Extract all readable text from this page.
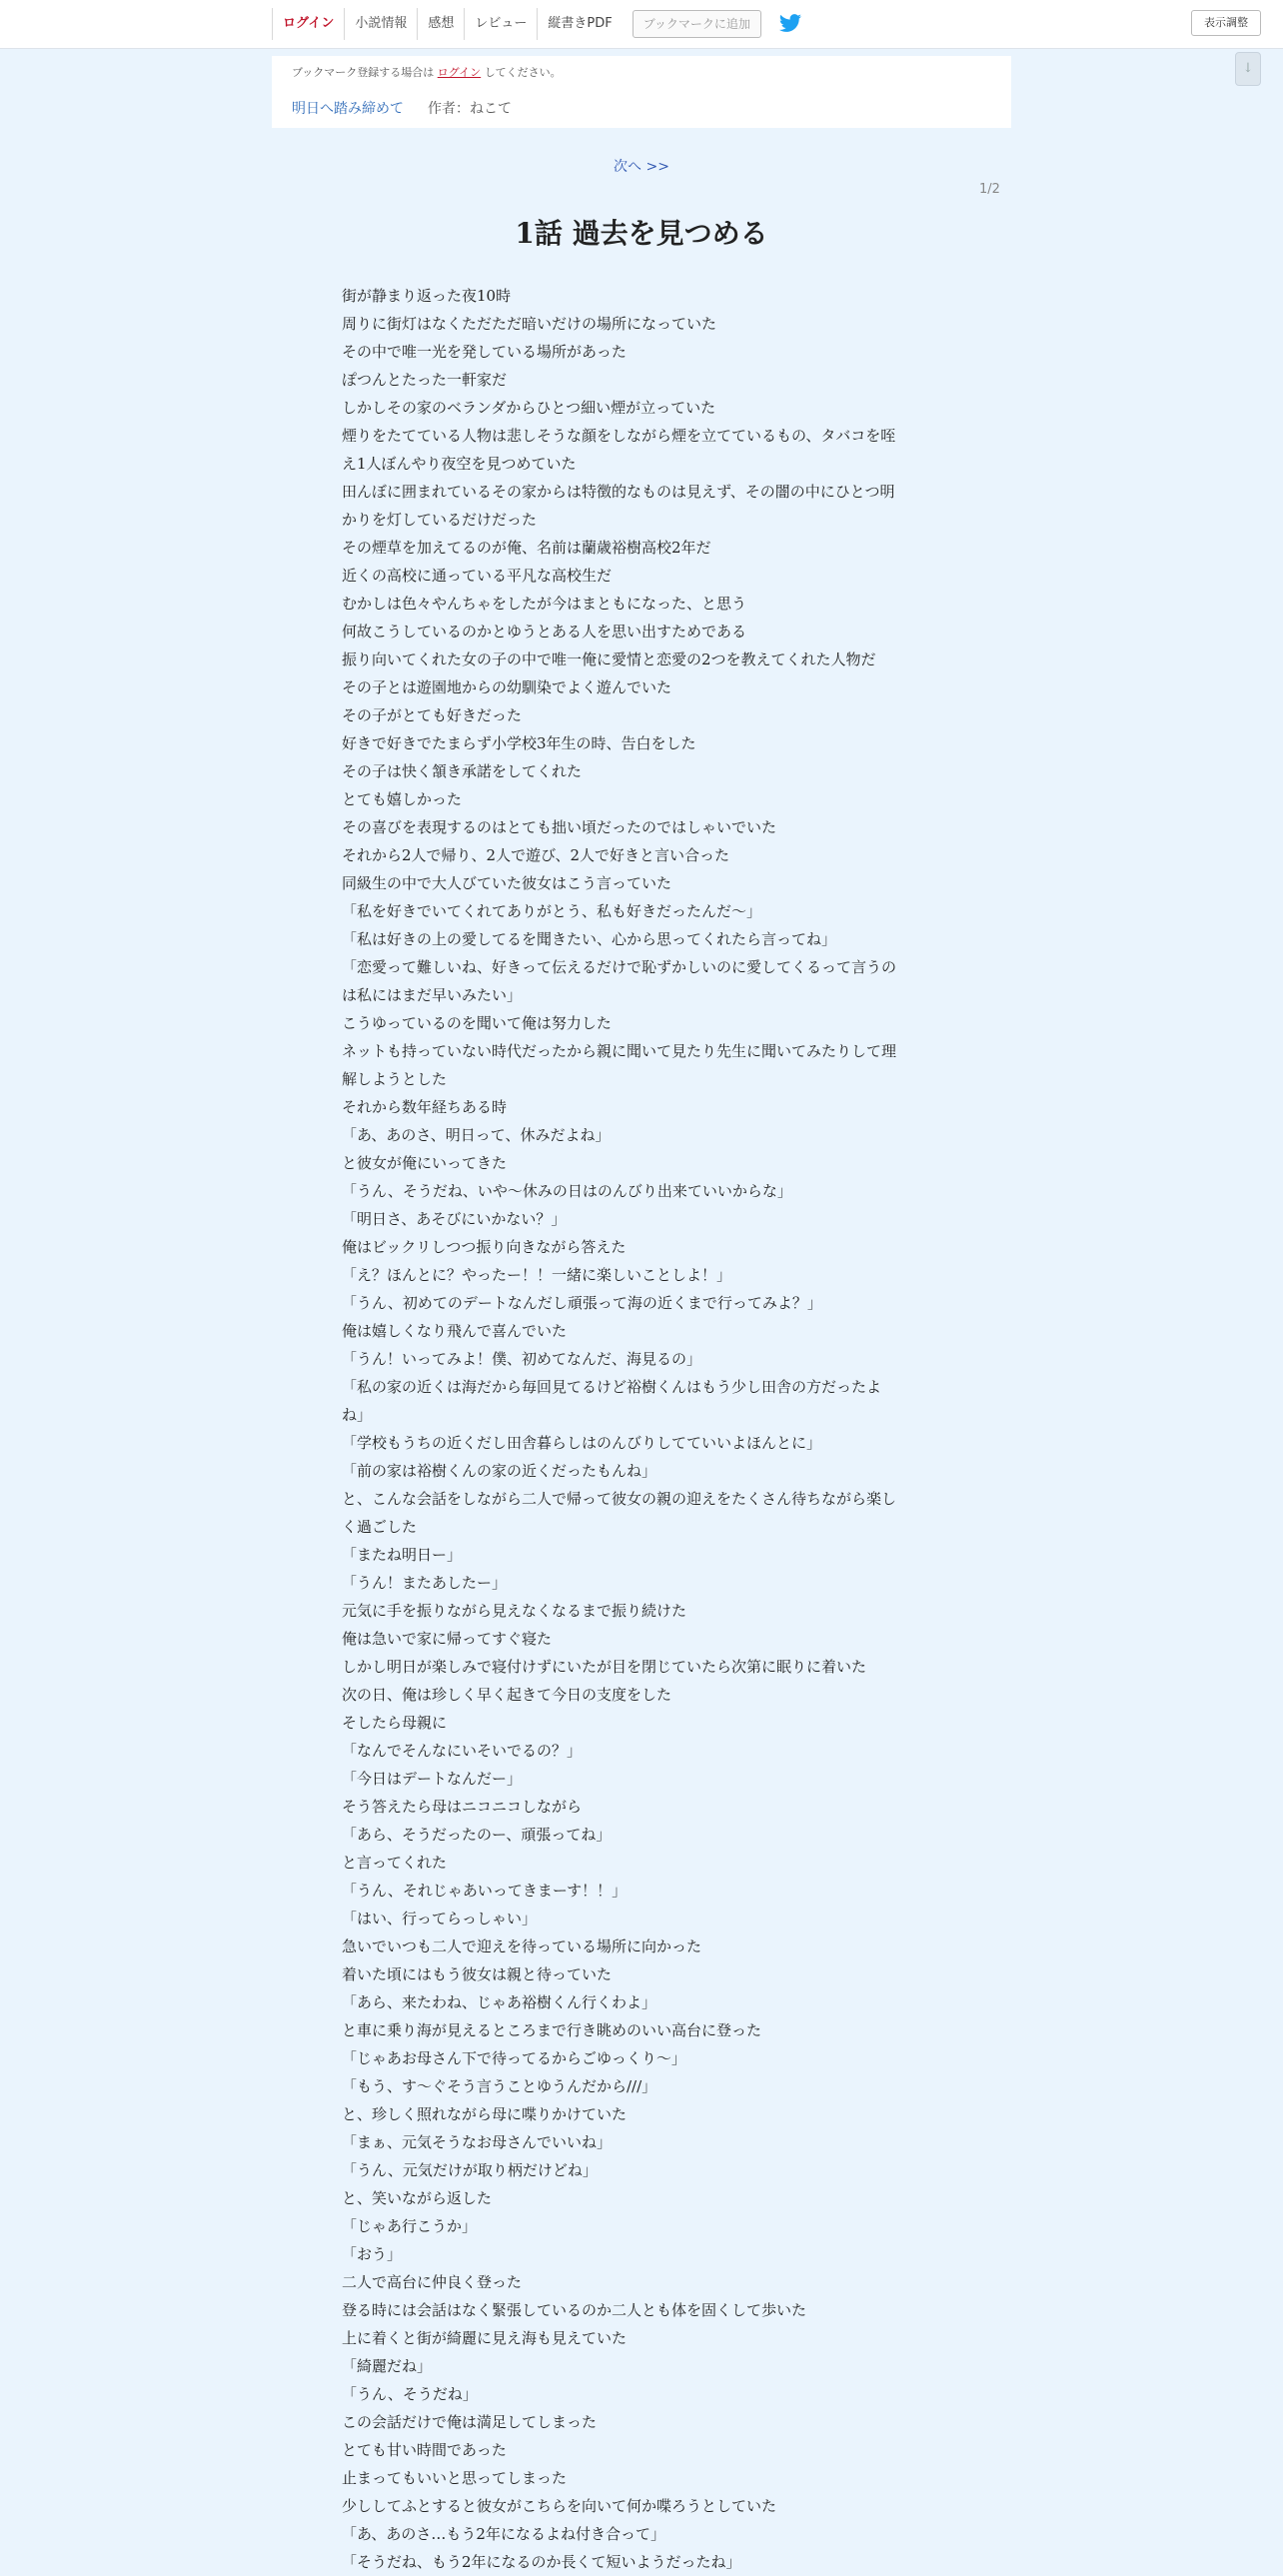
ログイン	小説情報	感想	レビュー	縦書きPDF	ブックマークに追加	表示調整
↓
ブックマーク登録する場合は ログイン してください。
明日へ踏み締めて 作者：ねこて
次へ >>
1/2
1話 過去を見つめる

街が静まり返った夜10時

周りに街灯はなくただただ暗いだけの場所になっていた

その中で唯一光を発している場所があった

ぽつんとたった一軒家だ

しかしその家のベランダからひとつ細い煙が立っていた

煙りをたてている人物は悲しそうな顔をしながら煙を立てているもの、タバコを咥

え1人ぼんやり夜空を見つめていた

田んぼに囲まれているその家からは特徴的なものは見えず、その闇の中にひとつ明

かりを灯しているだけだった

その煙草を加えてるのが俺、名前は蘭歳裕樹高校2年だ

近くの高校に通っている平凡な高校生だ

むかしは色々やんちゃをしたが今はまともになった、と思う

何故こうしているのかとゆうとある人を思い出すためである

振り向いてくれた女の子の中で唯一俺に愛情と恋愛の2つを教えてくれた人物だ

その子とは遊園地からの幼馴染でよく遊んでいた

その子がとても好きだった

好きで好きでたまらず小学校3年生の時、告白をした

その子は快く頷き承諾をしてくれた

とても嬉しかった

その喜びを表現するのはとても拙い頃だったのではしゃいでいた

それから2人で帰り、2人で遊び、2人で好きと言い合った

同級生の中で大人びていた彼女はこう言っていた

「私を好きでいてくれてありがとう、私も好きだったんだ～」

「私は好きの上の愛してるを聞きたい、心から思ってくれたら言ってね」

「恋愛って難しいね、好きって伝えるだけで恥ずかしいのに愛してくるって言うの

は私にはまだ早いみたい」

こうゆっているのを聞いて俺は努力した

ネットも持っていない時代だったから親に聞いて見たり先生に聞いてみたりして理

解しようとした

それから数年経ちある時

「あ、あのさ、明日って、休みだよね」

と彼女が俺にいってきた

「うん、そうだね、いや～休みの日はのんびり出来ていいからな」

「明日さ、あそびにいかない？」

俺はビックリしつつ振り向きながら答えた

「え？ほんとに？やったー！！一緒に楽しいことしよ！」

「うん、初めてのデートなんだし頑張って海の近くまで行ってみよ？」

俺は嬉しくなり飛んで喜んでいた

「うん！いってみよ！僕、初めてなんだ、海見るの」

「私の家の近くは海だから毎回見てるけど裕樹くんはもう少し田舎の方だったよ

ね」

「学校もうちの近くだし田舎暮らしはのんびりしてていいよほんとに」

「前の家は裕樹くんの家の近くだったもんね」

と、こんな会話をしながら二人で帰って彼女の親の迎えをたくさん待ちながら楽し

く過ごした

「またね明日ー」

「うん！またあしたー」

元気に手を振りながら見えなくなるまで振り続けた

俺は急いで家に帰ってすぐ寝た

しかし明日が楽しみで寝付けずにいたが目を閉じていたら次第に眠りに着いた

次の日、俺は珍しく早く起きて今日の支度をした

そしたら母親に

「なんでそんなにいそいでるの？」

「今日はデートなんだー」

そう答えたら母はニコニコしながら

「あら、そうだったのー、頑張ってね」

と言ってくれた

「うん、それじゃあいってきまーす！！」

「はい、行ってらっしゃい」

急いでいつも二人で迎えを待っている場所に向かった

着いた頃にはもう彼女は親と待っていた

「あら、来たわね、じゃあ裕樹くん行くわよ」

と車に乗り海が見えるところまで行き眺めのいい高台に登った

「じゃあお母さん下で待ってるからごゆっくり～」

「もう、す～ぐそう言うことゆうんだから///」

と、珍しく照れながら母に喋りかけていた

「まぁ、元気そうなお母さんでいいね」

「うん、元気だけが取り柄だけどね」

と、笑いながら返した

「じゃあ行こうか」

「おう」

二人で高台に仲良く登った

登る時には会話はなく緊張しているのか二人とも体を固くして歩いた

上に着くと街が綺麗に見え海も見えていた

「綺麗だね」

「うん、そうだね」

この会話だけで俺は満足してしまった

とても甘い時間であった

止まってもいいと思ってしまった

少ししてふとすると彼女がこちらを向いて何か喋ろうとしていた

「あ、あのさ…もう2年になるよね付き合って」

「そうだね、もう2年になるのか長くて短いようだったね」
